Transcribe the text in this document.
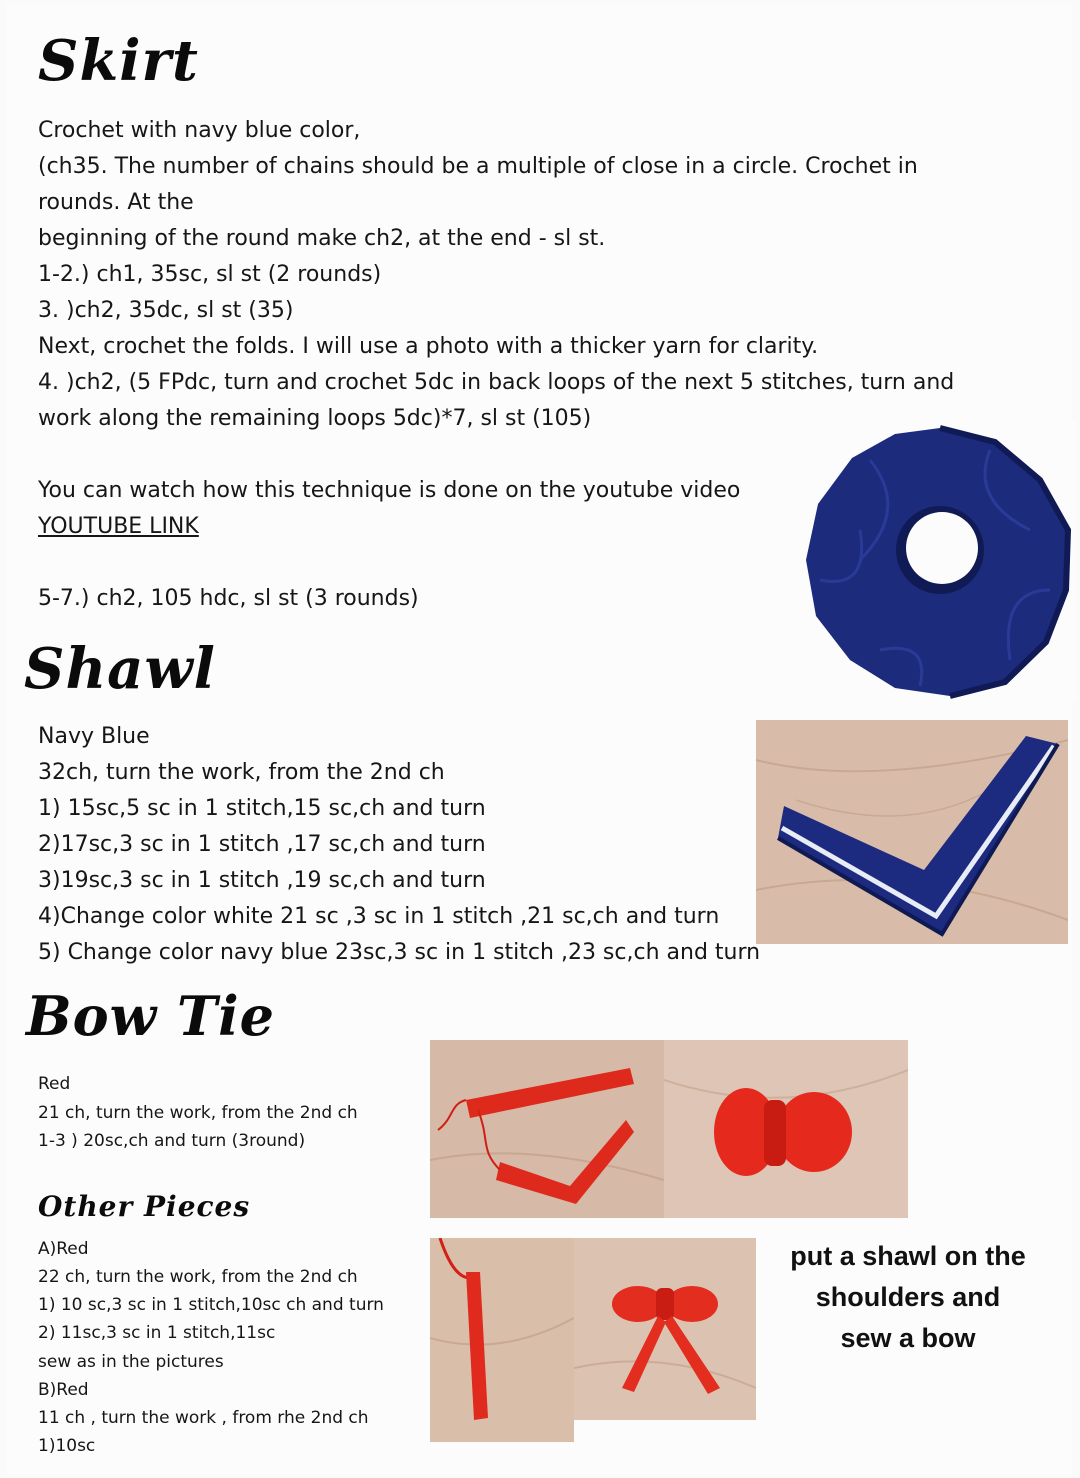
Skirt
Crochet with navy blue color,
(ch35. The number of chains should be a multiple of close in a circle. Crochet in
rounds. At the
beginning of the round make ch2, at the end - sl st.
1-2.) ch1, 35sc, sl st (2 rounds)
3. )ch2, 35dc, sl st (35)
Next, crochet the folds. I will use a photo with a thicker yarn for clarity.
4. )ch2, (5 FPdc, turn and crochet 5dc in back loops of the next 5 stitches, turn and
work along the remaining loops 5dc)*7, sl st (105)
You can watch how this technique is done on the youtube video
YOUTUBE LINK
5-7.) ch2, 105 hdc, sl st (3 rounds)
Shawl
Navy Blue
32ch, turn the work, from the 2nd ch
1) 15sc,5 sc in 1 stitch,15 sc,ch and turn
2)17sc,3 sc in 1 stitch ,17 sc,ch and turn
3)19sc,3 sc in 1 stitch ,19 sc,ch and turn
4)Change color white 21 sc ,3 sc in 1 stitch ,21 sc,ch and turn
5) Change color navy blue 23sc,3 sc in 1 stitch ,23 sc,ch and turn
Bow Tie
Red
21 ch, turn the work, from the 2nd ch
1-3 ) 20sc,ch and turn (3round)
Other Pieces
A)Red
22 ch, turn the work, from the 2nd ch
1) 10 sc,3 sc in 1 stitch,10sc ch and turn
2) 11sc,3 sc in 1 stitch,11sc
sew as in the pictures
B)Red
11 ch , turn the work , from rhe 2nd ch
1)10sc
put a shawl on the
shoulders and
sew a bow
